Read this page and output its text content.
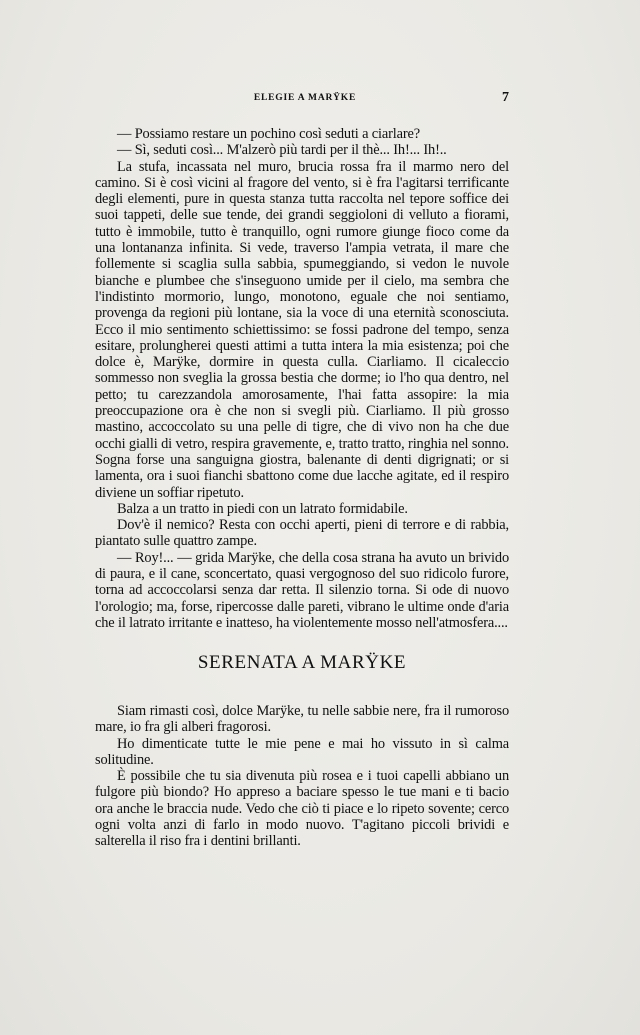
ELEGIE A MARŸKE	7

— Possiamo restare un pochino così seduti a ciarlare?

— Sì, seduti così... M'alzerò più tardi per il thè... Ih!... Ih!..

La stufa, incassata nel muro, brucia rossa fra il marmo nero del camino. Si è così vicini al fragore del vento, si è fra l'agitarsi terrificante degli elementi, pure in questa stanza tutta raccolta nel tepore soffice dei suoi tappeti, delle sue tende, dei grandi seggioloni di velluto a fiorami, tutto è immobile, tutto è tranquillo, ogni rumore giunge fioco come da una lontananza infinita. Si vede, traverso l'ampia vetrata, il mare che follemente si scaglia sulla sabbia, spumeggiando, si vedon le nuvole bianche e plumbee che s'inseguono umide per il cielo, ma sembra che l'indistinto mormorio, lungo, monotono, eguale che noi sentiamo, provenga da regioni più lontane, sia la voce di una eternità sconosciuta. Ecco il mio sentimento schiettissimo: se fossi padrone del tempo, senza esitare, prolungherei questi attimi a tutta intera la mia esistenza; poi che dolce è, Marÿke, dormire in questa culla. Ciarliamo. Il cicaleccio sommesso non sveglia la grossa bestia che dorme; io l'ho qua dentro, nel petto; tu carezzandola amorosamente, l'hai fatta assopire: la mia preoccupazione ora è che non si svegli più. Ciarliamo. Il più grosso mastino, accoccolato su una pelle di tigre, che di vivo non ha che due occhi gialli di vetro, respira gravemente, e, tratto tratto, ringhia nel sonno. Sogna forse una sanguigna giostra, balenante di denti digrignati; or si lamenta, ora i suoi fianchi sbattono come due lacche agitate, ed il respiro diviene un soffiar ripetuto.

Balza a un tratto in piedi con un latrato formidabile.

Dov'è il nemico? Resta con occhi aperti, pieni di terrore e di rabbia, piantato sulle quattro zampe.

— Roy!... — grida Marÿke, che della cosa strana ha avuto un brivido di paura, e il cane, sconcertato, quasi vergognoso del suo ridicolo furore, torna ad accoccolarsi senza dar retta. Il silenzio torna. Si ode di nuovo l'orologio; ma, forse, ripercosse dalle pareti, vibrano le ultime onde d'aria che il latrato irritante e inatteso, ha violentemente mosso nell'atmosfera....

SERENATA A MARŸKE

Siam rimasti così, dolce Marÿke, tu nelle sabbie nere, fra il rumoroso mare, io fra gli alberi fragorosi.

Ho dimenticate tutte le mie pene e mai ho vissuto in sì calma solitudine.

È possibile che tu sia divenuta più rosea e i tuoi capelli abbiano un fulgore più biondo? Ho appreso a baciare spesso le tue mani e ti bacio ora anche le braccia nude. Vedo che ciò ti piace e lo ripeto sovente; cerco ogni volta anzi di farlo in modo nuovo. T'agitano piccoli brividi e salterella il riso fra i dentini brillanti.
